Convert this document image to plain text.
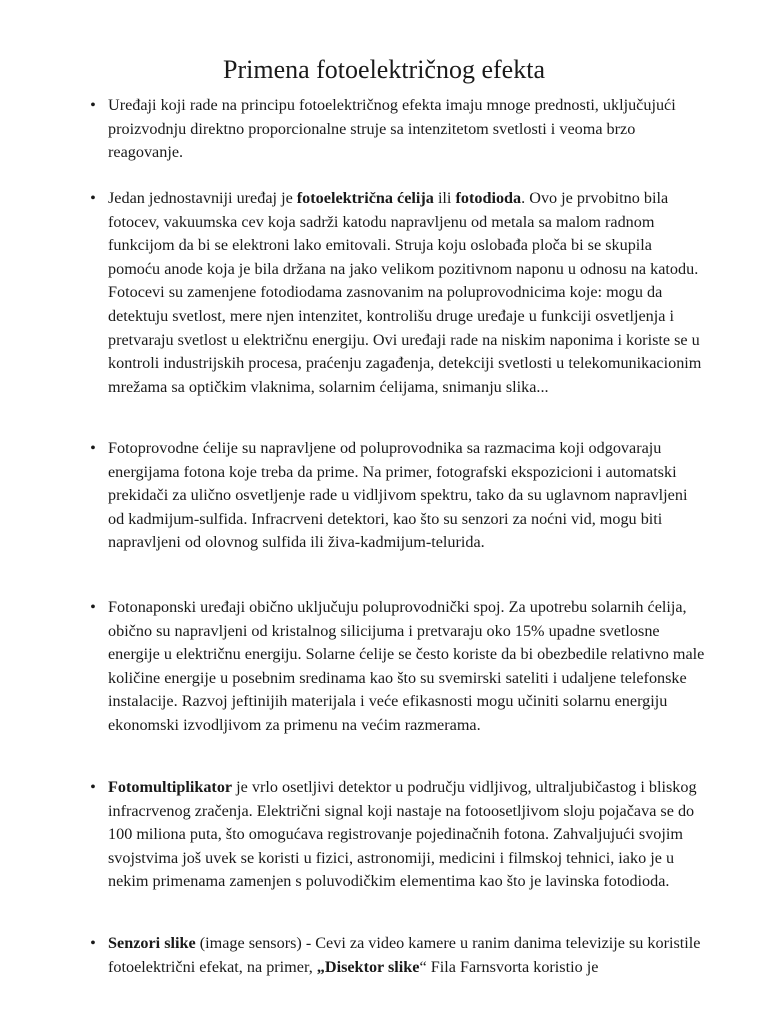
Primena fotoelektričnog efekta
• Uređaji koji rade na principu fotoelektričnog efekta imaju mnoge prednosti, uključujući proizvodnju direktno proporcionalne struje sa intenzitetom svetlosti i veoma brzo reagovanje.
• Jedan jednostavniji uređaj je fotoelektrična ćelija ili fotodioda. Ovo je prvobitno bila fotocev, vakuumska cev koja sadrži katodu napravljenu od metala sa malom radnom funkcijom da bi se elektroni lako emitovali. Struja koju oslobađa ploča bi se skupila pomoću anode koja je bila držana na jako velikom pozitivnom naponu u odnosu na katodu. Fotocevi su zamenjene fotodiodama zasnovanim na poluprovodnicima koje: mogu da detektuju svetlost, mere njen intenzitet, kontrolišu druge uređaje u funkciji osvetljenja i pretvaraju svetlost u električnu energiju. Ovi uređaji rade na niskim naponima i koriste se u kontroli industrijskih procesa, praćenju zagađenja, detekciji svetlosti u telekomunikacionim mrežama sa optičkim vlaknima, solarnim ćelijama, snimanju slika...
• Fotoprovodne ćelije su napravljene od poluprovodnika sa razmacima koji odgovaraju energijama fotona koje treba da prime. Na primer, fotografski ekspozicioni i automatski prekidači za ulično osvetljenje rade u vidljivom spektru, tako da su uglavnom napravljeni od kadmijum-sulfida. Infracrveni detektori, kao što su senzori za noćni vid, mogu biti napravljeni od olovnog sulfida ili živa-kadmijum-telurida.
• Fotonaponski uređaji obično uključuju poluprovodnički spoj. Za upotrebu solarnih ćelija, obično su napravljeni od kristalnog silicijuma i pretvaraju oko 15% upadne svetlosne energije u električnu energiju. Solarne ćelije se često koriste da bi obezbedile relativno male količine energije u posebnim sredinama kao što su svemirski sateliti i udaljene telefonske instalacije. Razvoj jeftinijih materijala i veće efikasnosti mogu učiniti solarnu energiju ekonomski izvodljivom za primenu na većim razmerama.
• Fotomultiplikator je vrlo osetljivi detektor u području vidljivog, ultraljubičastog i bliskog infracrvenog zračenja. Električni signal koji nastaje na fotoosetljivom sloju pojačava se do 100 miliona puta, što omogućava registrovanje pojedinačnih fotona. Zahvaljujući svojim svojstvima još uvek se koristi u fizici, astronomiji, medicini i filmskoj tehnici, iako je u nekim primenama zamenjen s poluvodičkim elementima kao što je lavinska fotodioda.
• Senzori slike (image sensors) - Cevi za video kamere u ranim danima televizije su koristile fotoelektrični efekat, na primer, „Disektor slike“ Fila Farnsvorta koristio je
